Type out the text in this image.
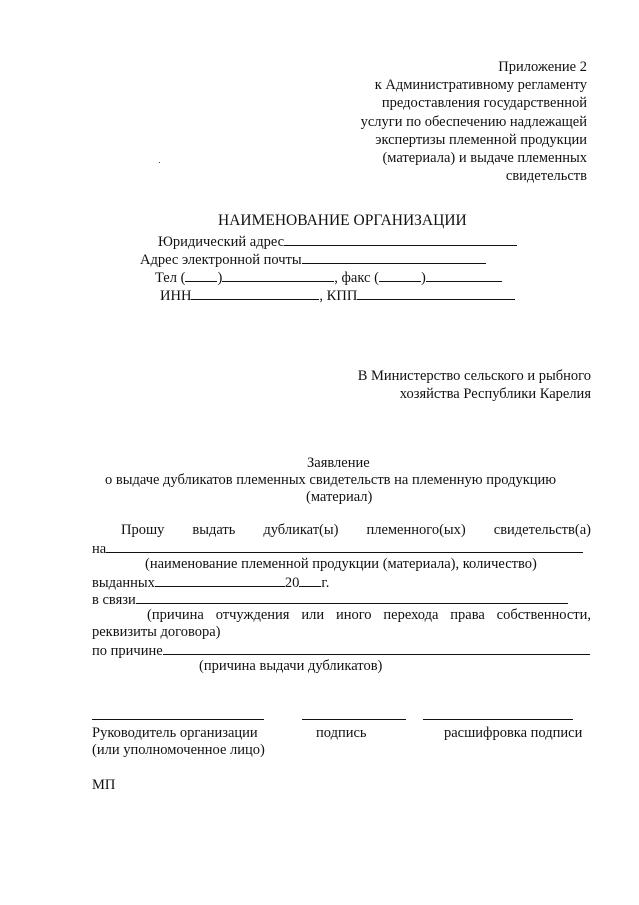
Приложение 2
к Административному регламенту
предоставления государственной
услуги по обеспечению надлежащей
экспертизы племенной продукции
(материала) и выдаче племенных
свидетельств
НАИМЕНОВАНИЕ ОРГАНИЗАЦИИ
Юридический адрес
Адрес электронной почты
Тел ( )	, факс (	)
ИНН	, КПП
В Министерство сельского и рыбного
хозяйства Республики Карелия
Заявление
о выдаче дубликатов племенных свидетельств на племенную продукцию
(материал)
Прошу выдать дубликат(ы) племенного(ых) свидетельств(а)
на
(наименование племенной продукции (материала), количество)
выданных	20 г.
в связи
(причина отчуждения или иного перехода права собственности,
реквизиты договора)
по причине
(причина выдачи дубликатов)
Руководитель организации	подпись	расшифровка подписи
(или уполномоченное лицо)
МП
